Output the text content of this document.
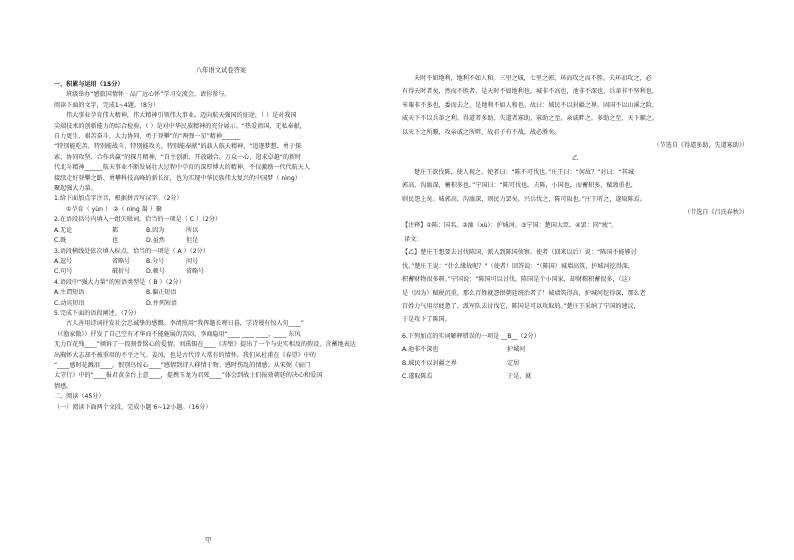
八年语文试卷答案
一、积累与运用（15分）
班级举办“感旅国情怀 · 品广远心怀”学习交流会，请你参与。
阅读下面的文字，完成1~4题。（8分）
伟大事业孕育伟大精神，伟大精神引领伟大事业。迈向航天强国的征途，（ ）是对我国
尖端技术的创新能力的综合检验，（ ）是对中华民族精神的充分展示。“热爱祖国、无私奉献，
自力更生、艰苦奋斗，大力协同、勇于登攀”的“两弹一星”精神______
“特别能吃苦、特别能战斗、特别能攻关、特别能奉献”的载人航天精神，“追逐梦想、勇于探
索、协同攻坚、合作共赢”的探月精神，“自主创新、开放融合、万众一心、追求卓越”的新时
代北斗精神______航天事业不断发展壮大过程中孕育的深厚博大的精神，不仅激励一代代航天人
接续走好登攀之路、勇攀科技高峰的新长征，也为实现中华民族伟大复兴的中国梦（ nìng）
聚起强大力量。
1.给下面加点字注音，根据拼音写汉字。（2分）
①孕育（ yùn ） ②（ nìng 凝 ）聚
2.在语段括号内填入一组关联词，恰当的一项是（ C ）（2分）
A.无论	都	B.因为	所以
C.既	也	D.虽然	但是
3.语段横线处依次填入标点，恰当的一项是（ A ）（2分）
A.逗号	省略号	B.分号	问号
C.句号	破折号	D.顿号	省略号
4.语段中“强大力量”的短语类型是（ B ）（2分）
A.主谓短语	B.偏正短语
C.动宾短语	D.并列短语
5.完成下面的语段阐述。（7分）
古人善用诗词抒发社会忠诚挚的感慨。李清照用“我挥题长嗟日暮，学诗谩有惊人句____”
（《渔家傲》）抒发了自己空有才华而不能施展的苦闷。李商隐用“____ ____ ____，____ 东风
无力百花残____”倾诉了一段刻骨铭心的爱情。刘禹锡在____《赤壁》提出了一个与史实相反的假设，含蓄地表达
出胸怀大志却不被重用的不平之气。姜凤，也是古代诗人常有的情怀。我们从杜甫在《春望》中的
“____感时花溅泪____，恨别鸟惊心____”感情到诗人移情于物、感时伤乱的情感；从宋弼《宿门
太守行》中的“____报君黄金台上意____，提携玉龙为君死____”体会到战士们报效朝廷的决心和爱国
情感。
二、阅读（45分）
（一）阅读下面两个文段，完成小题 6~12小题。（16分）
甲
天时不如地利，地利不如人和。三里之城，七里之郭，环而攻之而不胜。夫环而攻之，必
有得天时者矣，然而不胜者，是天时不如地利也。城非不高也，池非不深也，兵革非不坚利也，
米粟非不多也，委而去之，是地利不如人和也。故曰：域民不以封疆之界，固国不以山溪之险，
威天下不以兵革之利。得道者多助，失道者寡助。寡助之至，亲戚畔之。多助之至，天下顺之。
以天下之所顺，攻亲戚之所畔，故君子有不战，战必胜矣。
（节选自《得道多助，失道寡助》）
乙
楚庄王欲伐陈，使人视之。使者曰：“陈不可伐也。”庄王曰：“何故？”对曰：“其城
郭高，沟洫深，蓄积多也。”宁国曰：“陈可伐也。夫陈，小国也，而蓄积多，赋敛重也，
则民怨上矣。城郭高，沟洫深，则民力罢矣。兴兵伐之，陈可取也。”庄王听之，遂取陈焉。
（节选自《吕氏春秋》）
【注释】①陈：国名。②洫（xù）：护城河。③宁国：楚国大臣。④罢：同“疲”。
译文：
【乙】楚庄王想要去讨伐陈国，派人到陈国侦察。使者（回来以后）说：“陈国不能够讨
伐。”楚庄王说：“什么缘故呢？”（使者）回答说：“（陈国）城墙高筑，护城河挖得深，
积蓄财物很多呀。”宁国说：“陈国可以讨伐。陈国是个小国家，却财粮积蓄很多，（这）
是（因为）赋税沉重，那么百姓就怨恨朝廷统治者了！城墙筑得高，护城河挖得深，那么老
百姓力气用尽疲惫了。派军队去讨伐它，陈国是可以攻取的。”楚庄王采纳了宁国的建议，
于是攻下了陈国。
6.下列加点的实词解释错误的一项是 __B__（2分）
A.池非不深也	护城河
B.域民不以封疆之界	定居
C.遂取陈焉	于是，就
